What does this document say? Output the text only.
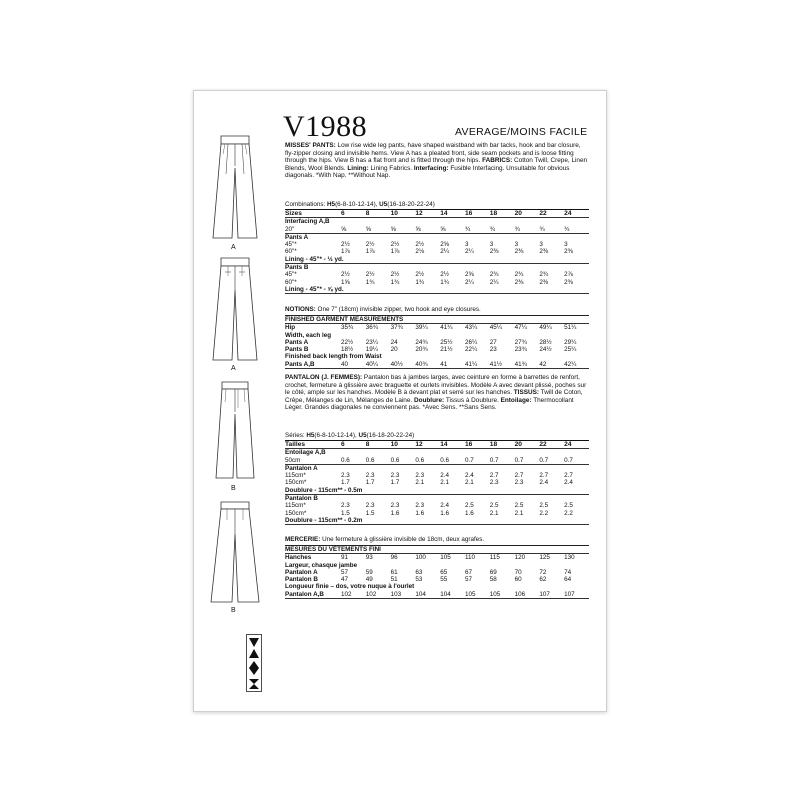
V1988	AVERAGE/MOINS FACILE
A
A
B
B
MISSES' PANTS: Low rise wide leg pants, have shaped waistband with bar tacks, hook and bar closure, fly-zipper closing and invisible hems. View A has a pleated front, side seam pockets and is loose fitting through the hips. View B has a flat front and is fitted through the hips. FABRICS: Cotton Twill, Crepe, Linen Blends, Wool Blends. Lining: Lining Fabrics. Interfacing: Fusible Interfacing. Unsuitable for obvious diagonals. *With Nap. **Without Nap.
Combinations: H5(6-8-10-12-14), U5(16-18-20-22-24)
Sizes	6	8	10	12	14	16	18	20	22	24
Interfacing A,B										
20"	⅝	⅝	⅝	⅝	⅝	¾	¾	¾	¾	¾
Pants A										
45"*	2½	2½	2½	2½	2⅝	3	3	3	3	3
60"*	1⅞	1⅞	1⅞	2⅛	2¼	2¼	2⅜	2⅜	2⅜	2⅜
Lining - 45"* - ½ yd.										
Pants B										
45"*	2½	2½	2½	2½	2½	2⅝	2¾	2¾	2¾	2⅞
60"*	1⅝	1¾	1¾	1¾	1¾	2¼	2¼	2⅜	2⅜	2⅜
Lining - 45"* - ⅝ yd.										
NOTIONS: One 7" (18cm) invisible zipper, two hook and eye closures.
FINISHED GARMENT MEASUREMENTS										
Hip	35¾	36¾	37¾	39¼	41¼	43¼	45¼	47¼	49¼	51¼
Width, each leg										
Pants A	22½	23¼	24	24¾	25½	26¼	27	27¾	28½	29¼
Pants B	18½	19¼	20	20¾	21½	22¼	23	23¾	24½	25¼
Finished back length from Waist										
Pants A,B	40	40¼	40½	40¾	41	41¼	41½	41¾	42	42¼
PANTALON (J. FEMMES): Pantalon bas à jambes larges, avec ceinture en forme à barrettes de renfort, crochet, fermeture à glissière avec braguette et ourlets invisibles. Modèle A avec devant plissé, poches sur le côté, ample sur les hanches. Modèle B à devant plat et serré sur les hanches. TISSUS: Twill de Coton, Crêpe, Mélanges de Lin, Mélanges de Laine. Doublure: Tissus à Doublure. Entoilage: Thermocollant Léger. Grandes diagonales ne conviennent pas. *Avec Sens. **Sans Sens.
Séries: H5(6-8-10-12-14), U5(16-18-20-22-24)
Tailles	6	8	10	12	14	16	18	20	22	24
Entoilage A,B										
50cm	0.6	0.6	0.6	0.6	0.6	0.7	0.7	0.7	0.7	0.7
Pantalon A										
115cm*	2.3	2.3	2.3	2.3	2.4	2.4	2.7	2.7	2.7	2.7
150cm*	1.7	1.7	1.7	2.1	2.1	2.1	2.3	2.3	2.4	2.4
Doublure - 115cm** - 0.5m										
Pantalon B										
115cm*	2.3	2.3	2.3	2.3	2.4	2.5	2.5	2.5	2.5	2.5
150cm*	1.5	1.5	1.6	1.6	1.6	1.6	2.1	2.1	2.2	2.2
Doublure - 115cm** - 0.2m										
MERCERIE: Une fermeture à glissière invisible de 18cm, deux agrafes.
MESURES DU VÊTEMENTS FINI										
Hanches	91	93	96	100	105	110	115	120	125	130
Largeur, chasque jambe										
Pantalon A	57	59	61	63	65	67	69	70	72	74
Pantalon B	47	49	51	53	55	57	58	60	62	64
Longueur finie – dos, votre nuque à l'ourlet										
Pantalon A,B	102	102	103	104	104	105	105	106	107	107
